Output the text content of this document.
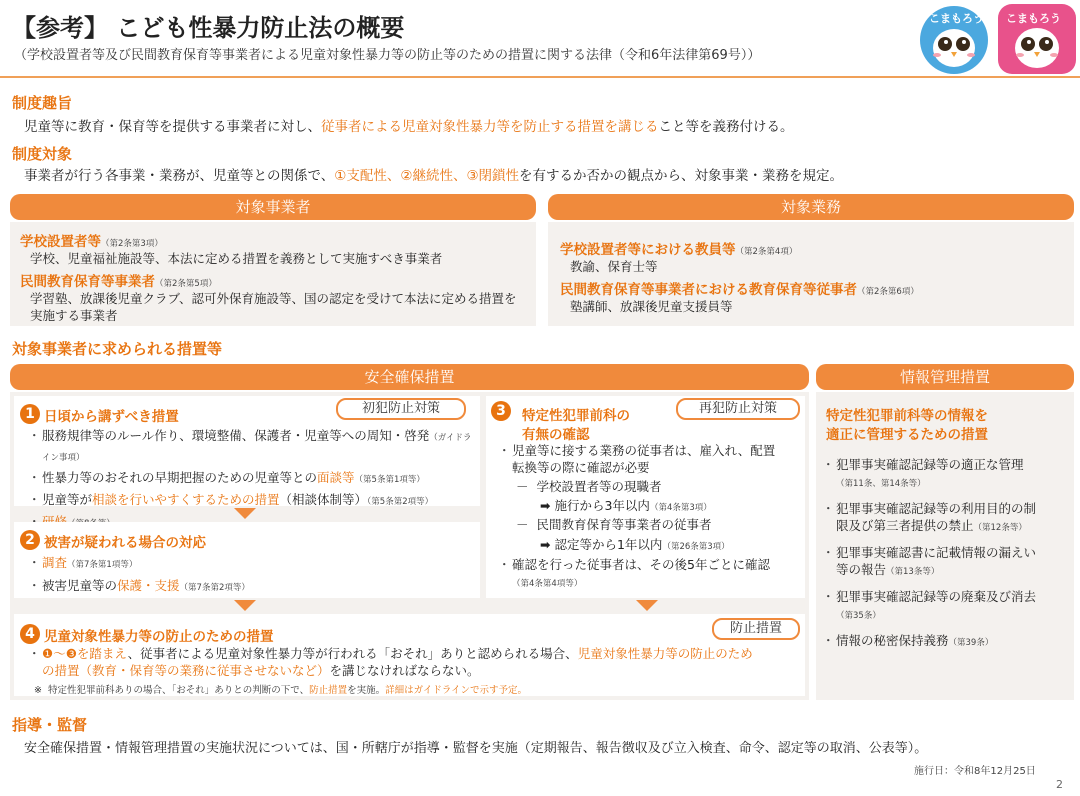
【参考】 こども性暴力防止法の概要
（学校設置者等及び民間教育保育等事業者による児童対象性暴力等の防止等のための措置に関する法律（令和6年法律第69号））
こまもろう こまもろう
制度趣旨
児童等に教育・保育等を提供する事業者に対し、従事者による児童対象性暴力等を防止する措置を講じること等を義務付ける。
制度対象
事業者が行う各事業・業務が、児童等との関係で、①支配性、②継続性、③閉鎖性を有するか否かの観点から、対象事業・業務を規定。
対象事業者
学校設置者等（第2条第3項）
学校、児童福祉施設等、本法に定める措置を義務として実施すべき事業者
民間教育保育等事業者（第2条第5項）
学習塾、放課後児童クラブ、認可外保育施設等、国の認定を受けて本法に定める措置を実施する事業者
対象業務
学校設置者等における教員等（第2条第4項）
教諭、保育士等
民間教育保育等事業者における教育保育等従事者（第2条第6項）
塾講師、放課後児童支援員等
対象事業者に求められる措置等
安全確保措置	情報管理措置
1 日頃から講ずべき措置
初犯防止対策
・ 服務規律等のルール作り、環境整備、保護者・児童等への周知・啓発（ガイドライン事項）
・ 性暴力等のおそれの早期把握のための児童等との面談等（第5条第1項等）
・ 児童等が相談を行いやすくするための措置（相談体制等）（第5条第2項等）
・
2 被害が疑われる場合の対応
・ 調査（第7条第1項等）
・ 被害児童等の保護・支援（第7条第2項等）
3	特定性犯罪前科の
有無の確認
再犯防止対策
・ 児童等に接する業務の従事者は、雇入れ、配置
転換等の際に確認が必要
－  学校設置者等の現職者
➡ 施行から3年以内（第4条第3項）
－  民間教育保育等事業者の従事者
➡ 認定等から1年以内（第26条第3項）
・ 確認を行った従事者は、その後5年ごとに確認
（第4条第4項等）
4 児童対象性暴力等の防止のための措置
防止措置
・ ❶～❸を踏まえ、従事者による児童対象性暴力等が行われる「おそれ」ありと認められる場合、児童対象性暴力等の防止のため
の措置（教育・保育等の業務に従事させないなど）を講じなければならない。
※ 特定性犯罪前科ありの場合、「おそれ」ありとの判断の下で、防止措置を実施。詳細はガイドラインで示す予定。
特定性犯罪前科等の情報を
適正に管理するための措置
・ 犯罪事実確認記録等の適正な管理
（第11条、第14条等）
・ 犯罪事実確認記録等の利用目的の制
限及び第三者提供の禁止（第12条等）
・ 犯罪事実確認書に記載情報の漏えい
等の報告（第13条等）
・ 犯罪事実確認記録等の廃棄及び消去
（第35条）
・ 情報の秘密保持義務（第39条）
指導・監督
安全確保措置・情報管理措置の実施状況については、国・所轄庁が指導・監督を実施（定期報告、報告徴収及び立入検査、命令、認定等の取消、公表等）。
施行日：令和8年12月25日
2
